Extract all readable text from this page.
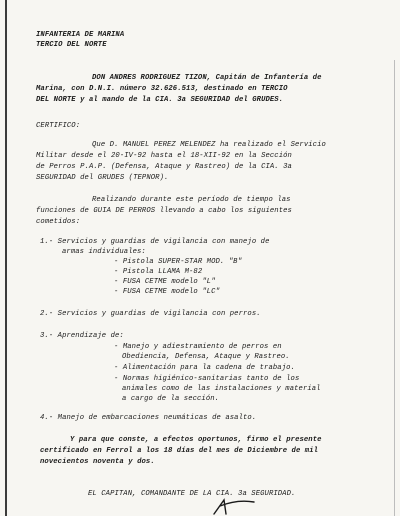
INFANTERIA DE MARINA
TERCIO DEL NORTE
DON ANDRES RODRIGUEZ TIZON, Capitán de Infantería de
Marina, con D.N.I. número 32.626.513, destinado en TERCIO
DEL NORTE y al mando de la CIA. 3a SEGURIDAD del GRUDES.
CERTIFICO:
Que D. MANUEL PEREZ MELENDEZ ha realizado el Servicio
Militar desde el 20-IV-92 hasta el 18-XII-92 en la Sección
de Perros P.A.P. (Defensa, Ataque y Rastreo) de la CIA. 3a
SEGURIDAD del GRUDES (TEPNOR).
Realizando durante este período de tiempo las
funciones de GUIA DE PERROS llevando a cabo los siguientes
cometidos:
1.- Servicios y guardias de vigilancia con manejo de
armas individuales:
- Pistola SUPER-STAR MOD. "B"
- Pistola LLAMA M-82
- FUSA CETME modelo "L"
- FUSA CETME modelo "LC"
2.- Servicios y guardias de vigilancia con perros.
3.- Aprendizaje de:
- Manejo y adiestramiento de perros en
Obediencia, Defensa, Ataque y Rastreo.
- Alimentación para la cadena de trabajo.
- Normas higiénico-sanitarias tanto de los
animales como de las instalaciones y material
a cargo de la sección.
4.- Manejo de embarcaciones neumáticas de asalto.
Y para que conste, a efectos oportunos, firmo el presente
certificado en Ferrol a los 18 días del mes de Diciembre de mil
novecientos noventa y dos.
EL CAPITAN, COMANDANTE DE LA CIA. 3a SEGURIDAD.
